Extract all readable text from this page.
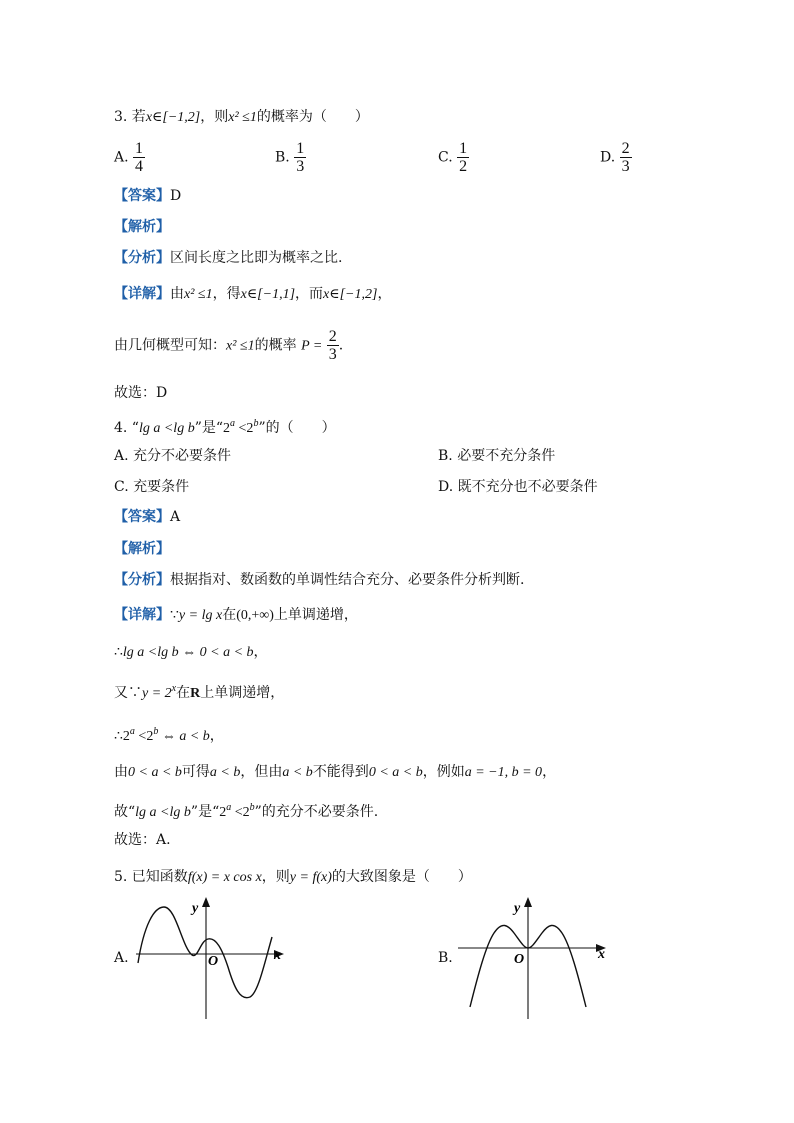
3. 若x∈[−1,2]，则x² ≤1的概率为（　　）
A. $\frac{1}{4}$	B. $\frac{1}{3}$	C. $\frac{1}{2}$	D. $\frac{2}{3}$
【答案】D
【解析】
【分析】区间长度之比即为概率之比.
【详解】由x² ≤1，得x∈[−1,1]，而x∈[−1,2]，
由几何概型可知：x² ≤1的概率 $P = \frac{2}{3}$ .
故选：D
4. “lg a <lg b”是“$2^a <2^b$”的（　　）
A. 充分不必要条件	B. 必要不充分条件
C. 充要条件	D. 既不充分也不必要条件
【答案】A
【解析】
【分析】根据指对、数函数的单调性结合充分、必要条件分析判断.
【详解】∵y = lg x在(0,+∞)上单调递增，
∴lg a <lg b ⇔ 0 < a < b，
又∵y = $2^x$在R上单调递增，
$\therefore 2^a <2^b$ ⇔ a < b，
由0 < a < b可得a < b，但由a < b不能得到0 < a < b，例如a = −1, b = 0，
故“lg a <lg b”是“$2^a <2^b$”的充分不必要条件.
故选：A.
5. 已知函数f(x) = x cos x，则y = f(x)的大致图象是（　　）
A.
y
x
O	B.
y
x
O
